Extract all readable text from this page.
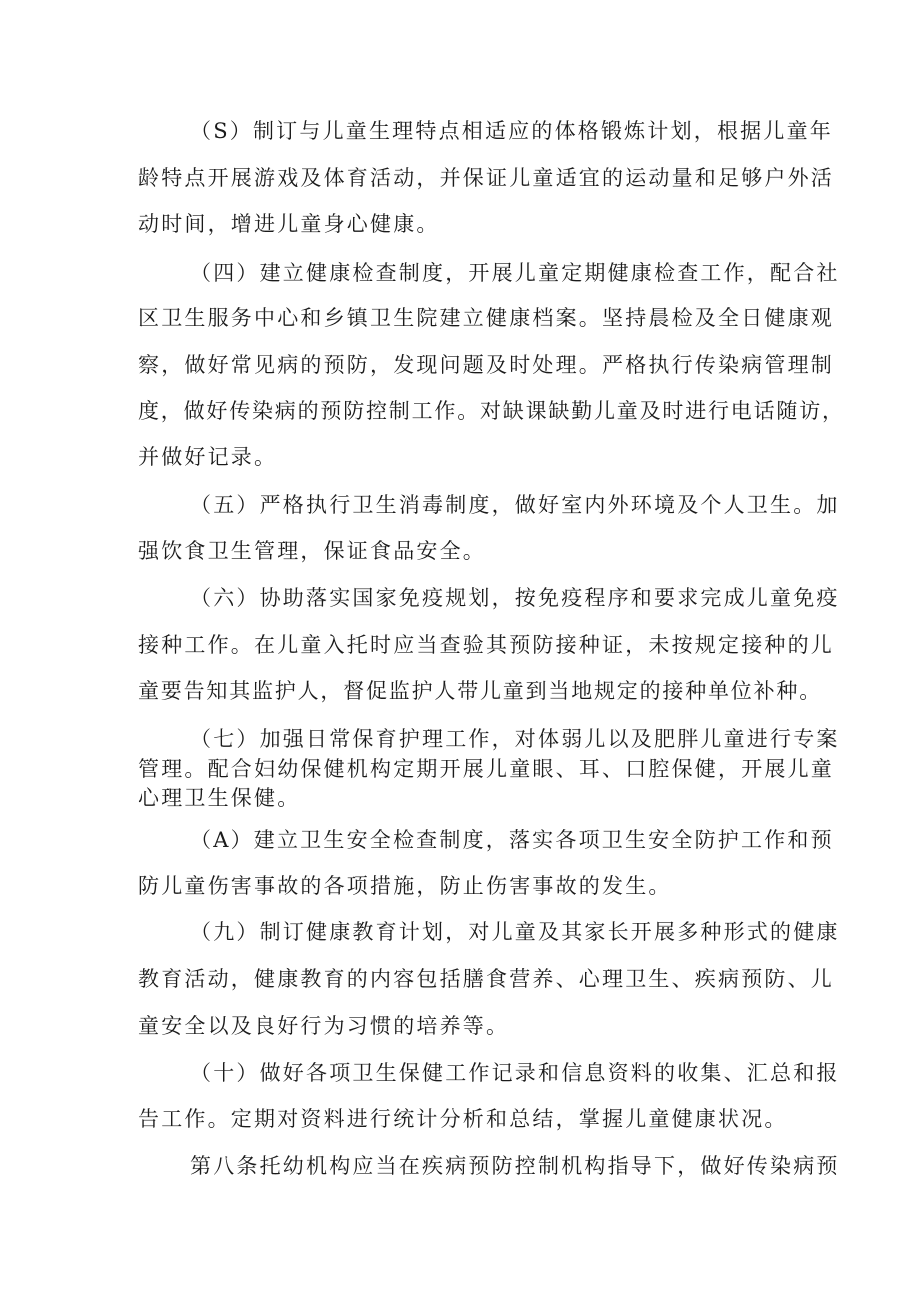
（S）制订与儿童生理特点相适应的体格锻炼计划，根据儿童年

龄特点开展游戏及体育活动，并保证儿童适宜的运动量和足够户外活

动时间，增进儿童身心健康。

（四）建立健康检查制度，开展儿童定期健康检查工作，配合社

区卫生服务中心和乡镇卫生院建立健康档案。坚持晨检及全日健康观

察，做好常见病的预防，发现问题及时处理。严格执行传染病管理制

度，做好传染病的预防控制工作。对缺课缺勤儿童及时进行电话随访，

并做好记录。

（五）严格执行卫生消毒制度，做好室内外环境及个人卫生。加

强饮食卫生管理，保证食品安全。

（六）协助落实国家免疫规划，按免疫程序和要求完成儿童免疫

接种工作。在儿童入托时应当查验其预防接种证，未按规定接种的儿

童要告知其监护人，督促监护人带儿童到当地规定的接种单位补种。

（七）加强日常保育护理工作，对体弱儿以及肥胖儿童进行专案

管理。配合妇幼保健机构定期开展儿童眼、耳、口腔保健，开展儿童

心理卫生保健。

（A）建立卫生安全检查制度，落实各项卫生安全防护工作和预

防儿童伤害事故的各项措施，防止伤害事故的发生。

（九）制订健康教育计划，对儿童及其家长开展多种形式的健康

教育活动，健康教育的内容包括膳食营养、心理卫生、疾病预防、儿

童安全以及良好行为习惯的培养等。

（十）做好各项卫生保健工作记录和信息资料的收集、汇总和报

告工作。定期对资料进行统计分析和总结，掌握儿童健康状况。

第八条托幼机构应当在疾病预防控制机构指导下，做好传染病预
